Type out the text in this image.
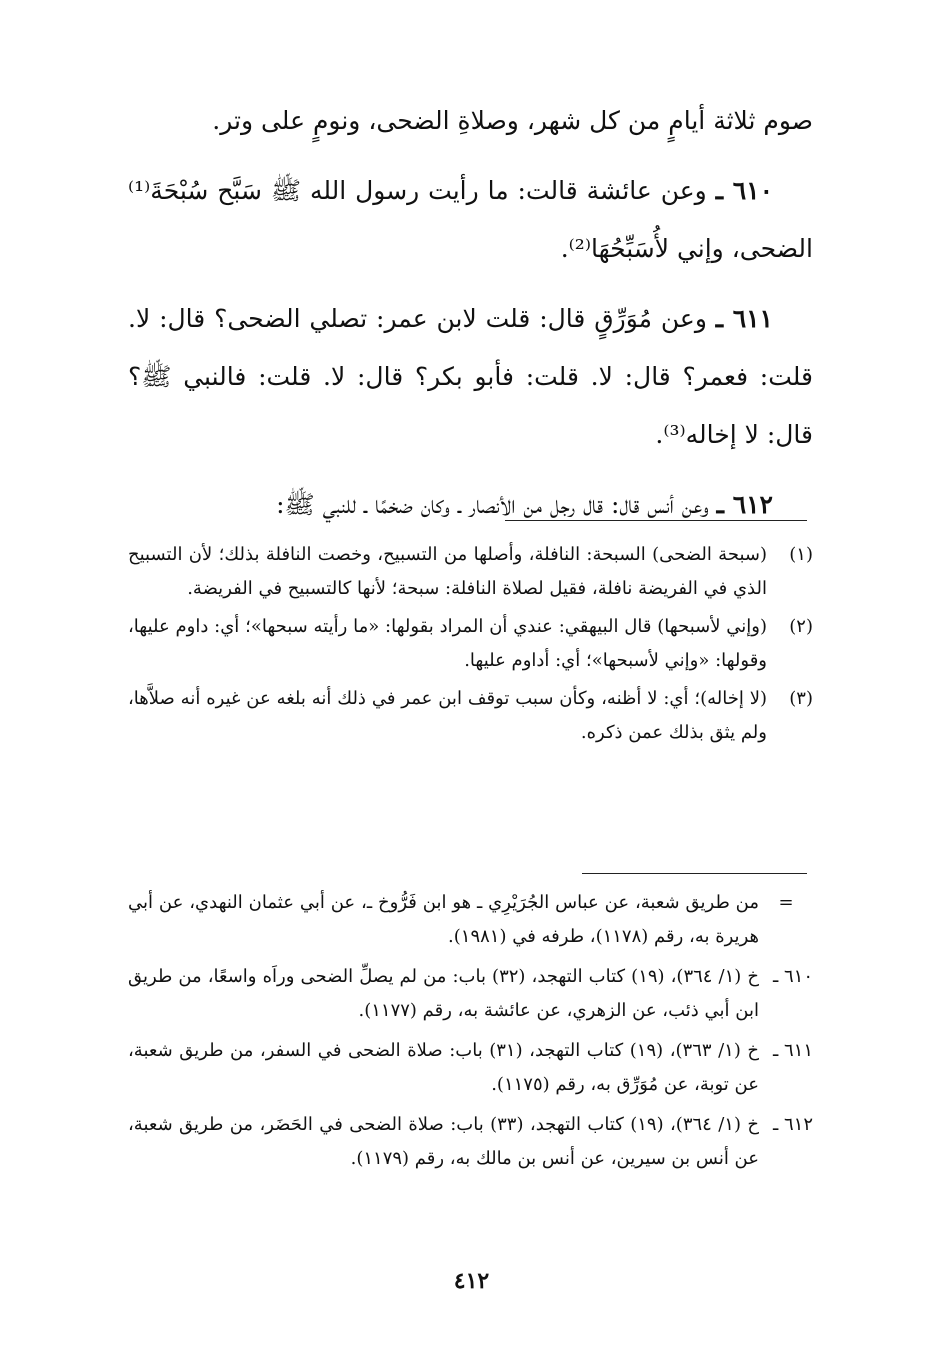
صوم ثلاثة أيامٍ من كل شهر، وصلاةِ الضحى، ونومٍ على وتر.

٦١٠ ـ وعن عائشة قالت: ما رأيت رسول الله ﷺ سَبَّح سُبْحَةَ⁽¹⁾ الضحى، وإني لأُسَبِّحُهَا⁽²⁾.

٦١١ ـ وعن مُوَرِّقٍ قال: قلت لابن عمر: تصلي الضحى؟ قال: لا. قلت: فعمر؟ قال: لا. قلت: فأبو بكر؟ قال: لا. قلت: فالنبي ﷺ؟ قال: لا إخاله⁽³⁾.

٦١٢ ـ وعن أنس قال: قال رجل من الأنصار ـ وكان ضخمًا ـ للنبي ﷺ:

(١)
(سبحة الضحى) السبحة: النافلة، وأصلها من التسبيح، وخصت النافلة بذلك؛ لأن التسبيح الذي في الفريضة نافلة، فقيل لصلاة النافلة: سبحة؛ لأنها كالتسبيح في الفريضة.
(٢)
(وإني لأسبحها) قال البيهقي: عندي أن المراد بقولها: «ما رأيته سبحها»؛ أي: داوم عليها، وقولها: «وإني لأسبحها»؛ أي: أداوم عليها.
(٣)
(لا إخاله)؛ أي: لا أظنه، وكأن سبب توقف ابن عمر في ذلك أنه بلغه عن غيره أنه صلاَّها، ولم يثق بذلك عمن ذكره.
=
من طريق شعبة، عن عباس الجُرَيْرِي ـ هو ابن فَرُّوخ ـ، عن أبي عثمان النهدي، عن أبي هريرة به، رقم (١١٧٨)، طرفه في (١٩٨١).
٦١٠ ـ
خ (١/ ٣٦٤)، (١٩) كتاب التهجد، (٣٢) باب: من لم يصلِّ الضحى وراَه واسعًا، من طريق ابن أبي ذئب، عن الزهري، عن عائشة به، رقم (١١٧٧).
٦١١ ـ
خ (١/ ٣٦٣)، (١٩) كتاب التهجد، (٣١) باب: صلاة الضحى في السفر، من طريق شعبة، عن توبة، عن مُوَرِّق به، رقم (١١٧٥).
٦١٢ ـ
خ (١/ ٣٦٤)، (١٩) كتاب التهجد، (٣٣) باب: صلاة الضحى في الحَضَر، من طريق شعبة، عن أنس بن سيرين، عن أنس بن مالك به، رقم (١١٧٩).
٤١٢
